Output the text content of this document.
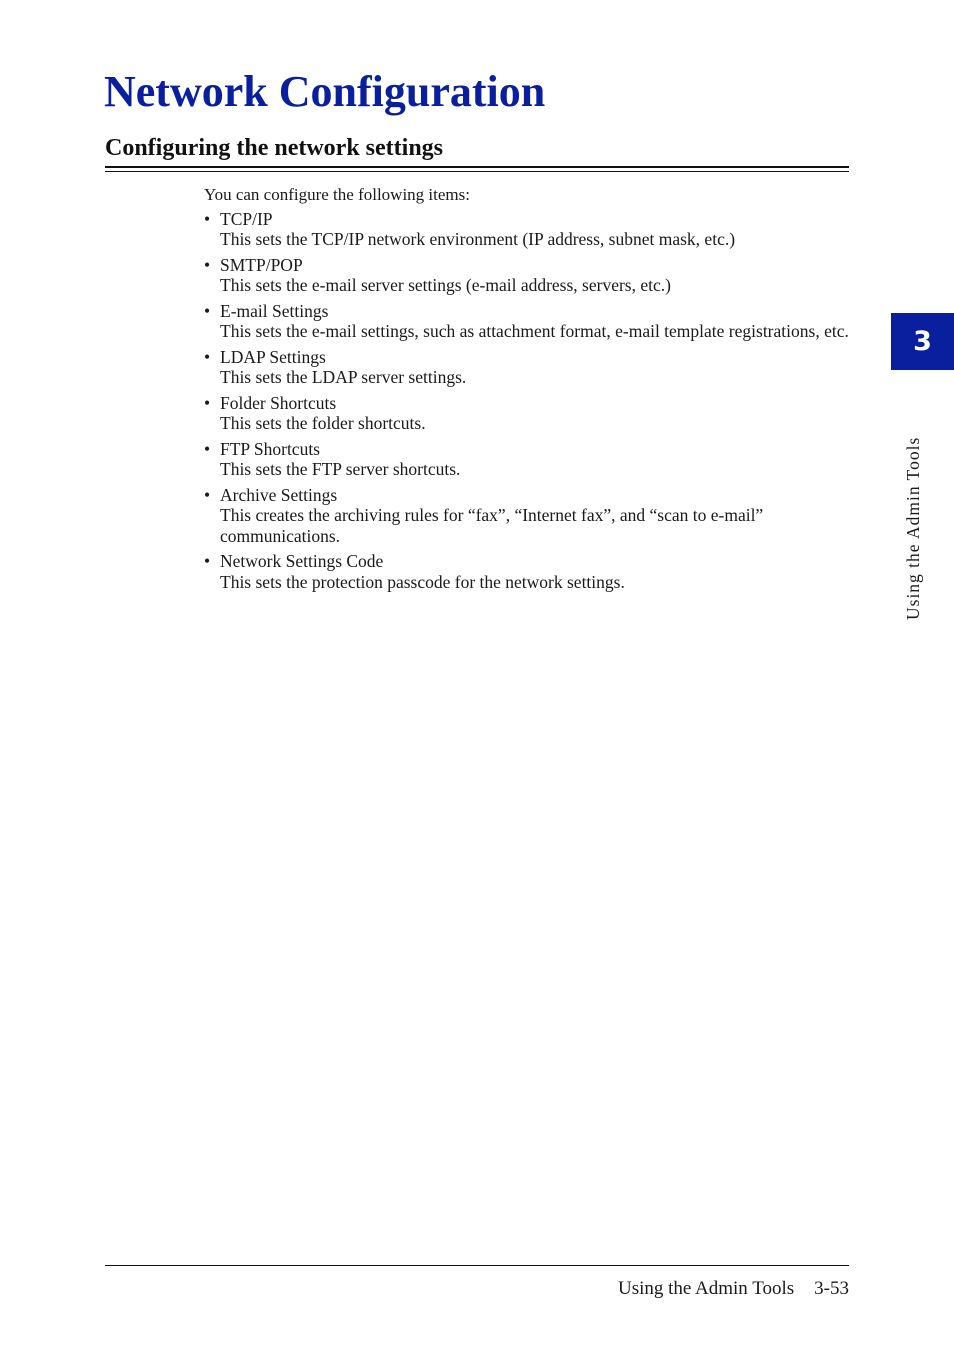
Network Configuration
Configuring the network settings

You can configure the following items:

• TCP/IP
This sets the TCP/IP network environment (IP address, subnet mask, etc.)
• SMTP/POP
This sets the e-mail server settings (e-mail address, servers, etc.)
• E-mail Settings
This sets the e-mail settings, such as attachment format, e-mail template registrations, etc.
• LDAP Settings
This sets the LDAP server settings.
• Folder Shortcuts
This sets the folder shortcuts.
• FTP Shortcuts
This sets the FTP server shortcuts.
• Archive Settings
This creates the archiving rules for “fax”, “Internet fax”, and “scan to e-mail” communications.
• Network Settings Code
This sets the protection passcode for the network settings.
3
Using the Admin Tools
Using the Admin Tools 3-53
